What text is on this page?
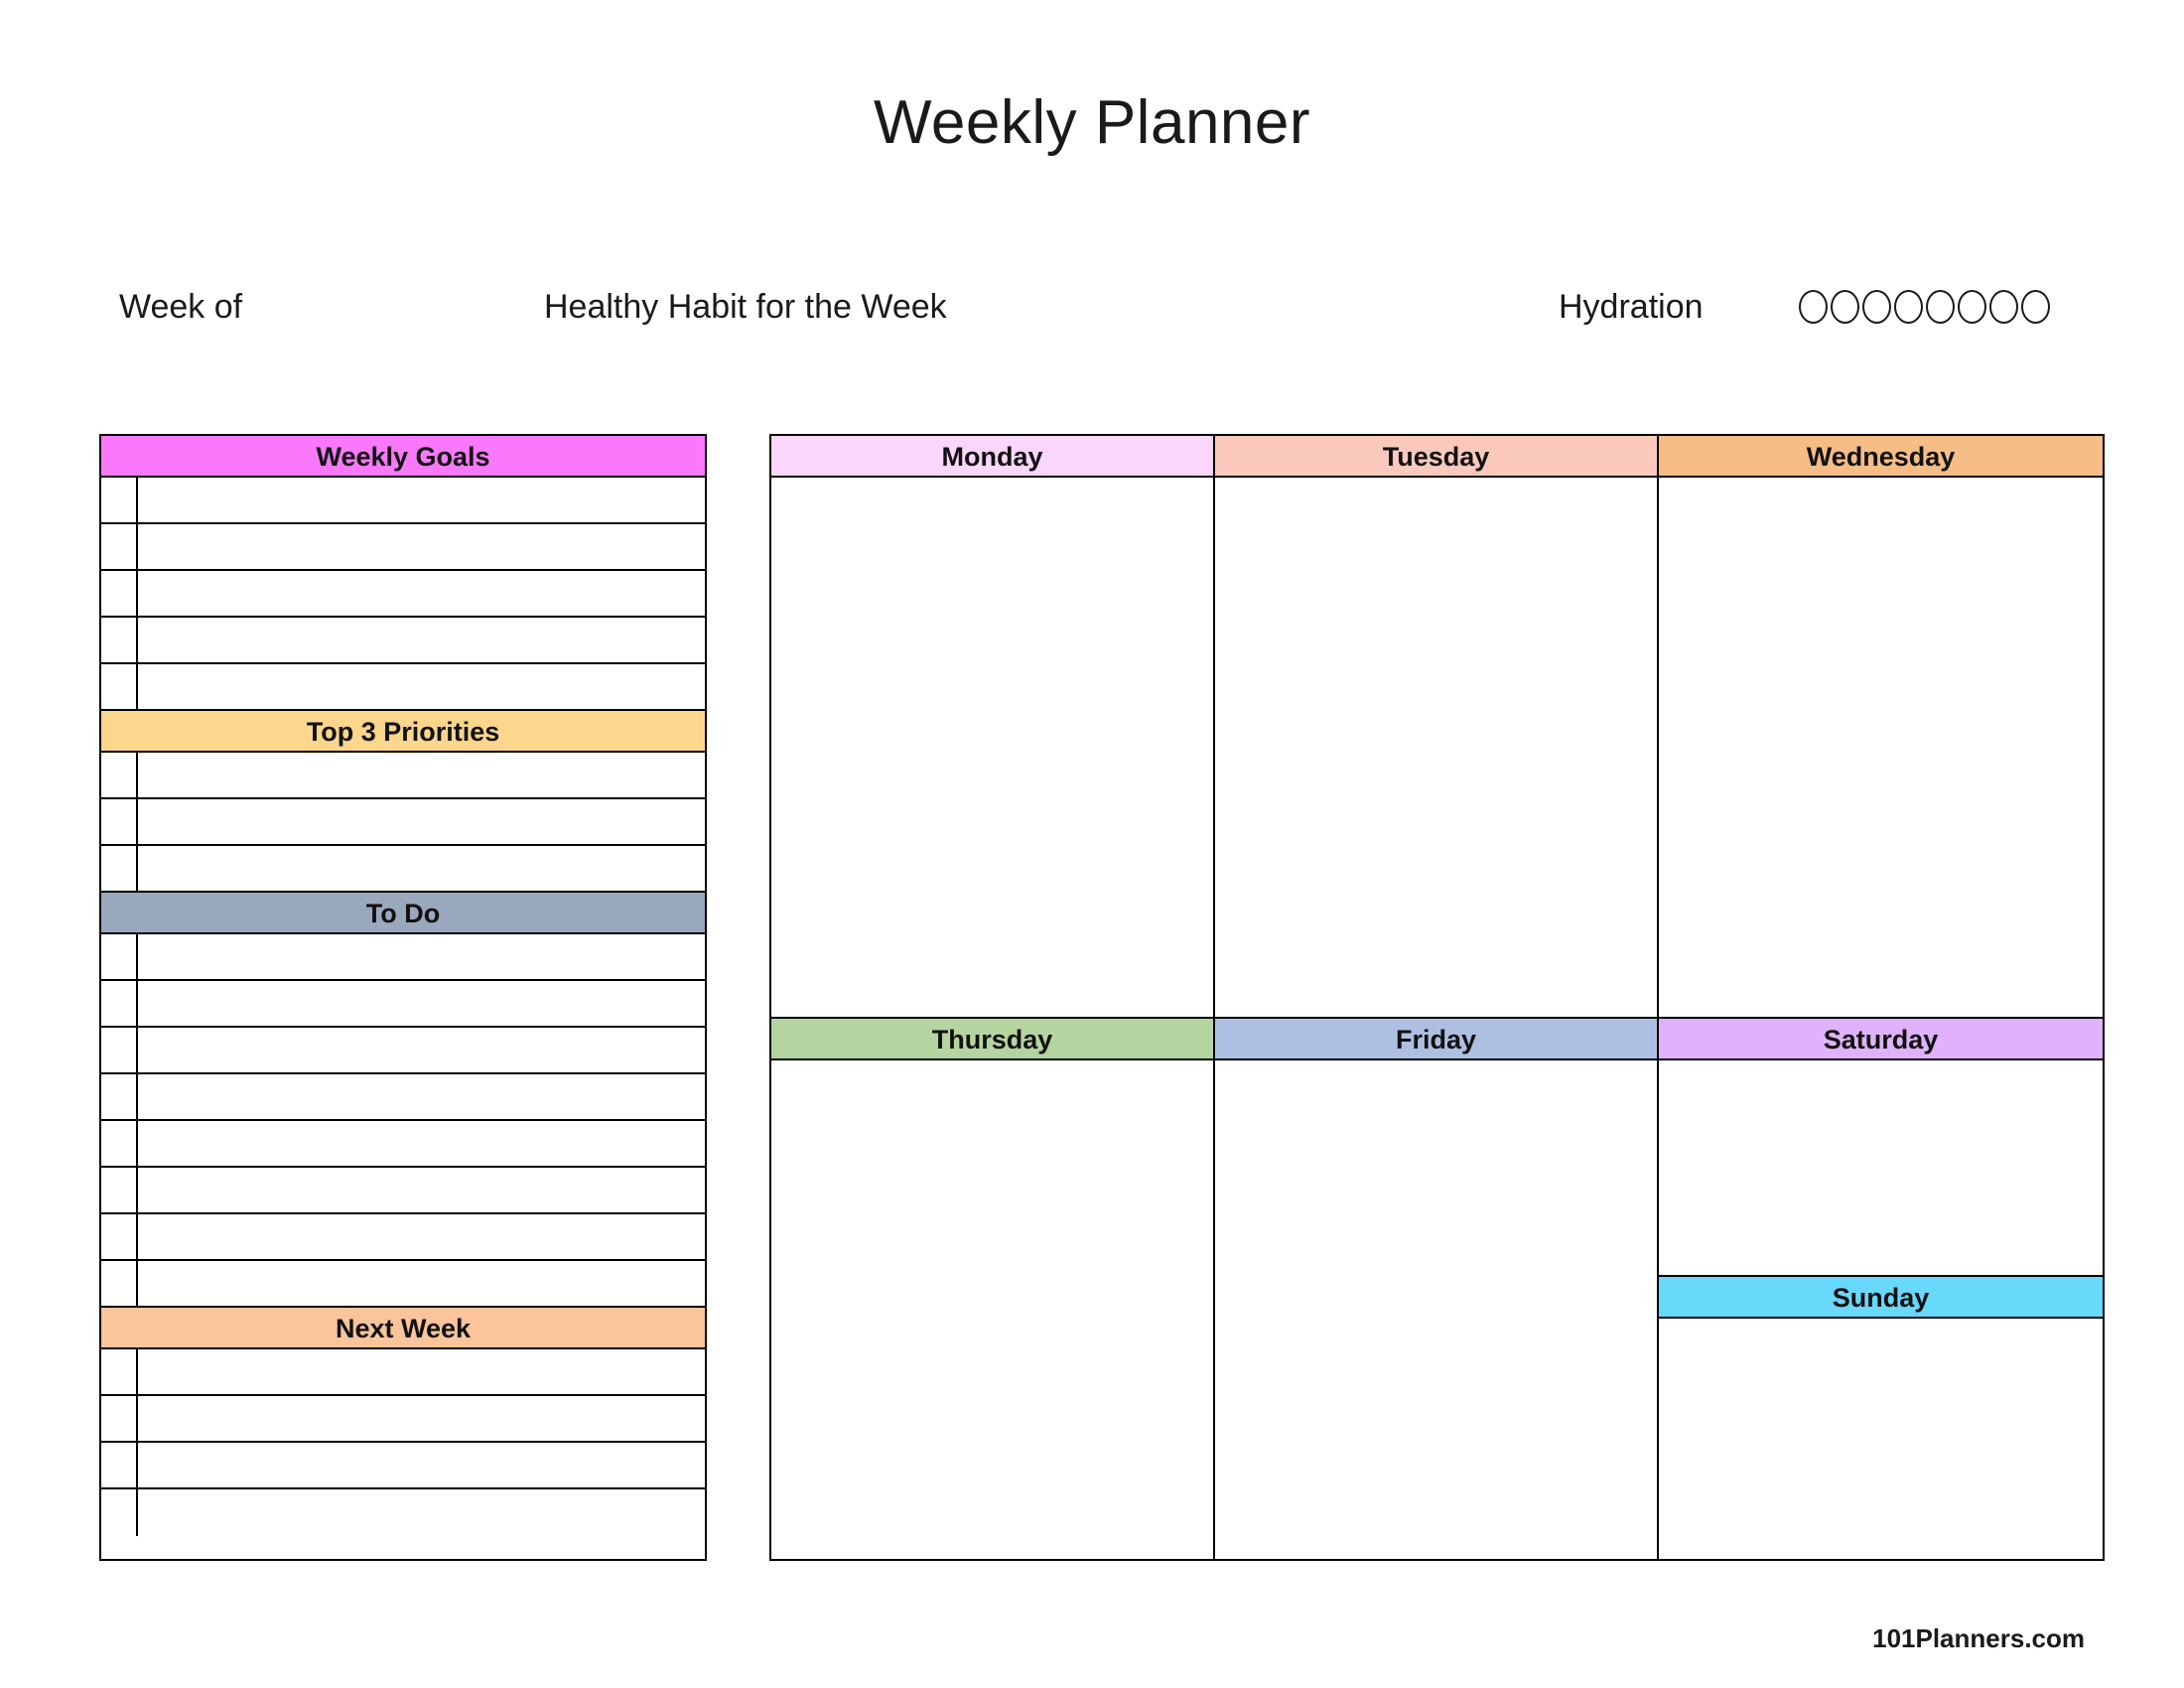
Weekly Planner
Week of	Healthy Habit for the Week	Hydration
Weekly Goals
Top 3 Priorities
To Do
Next Week
Monday
Thursday
Tuesday
Friday
Wednesday
Saturday
Sunday
101Planners.com
